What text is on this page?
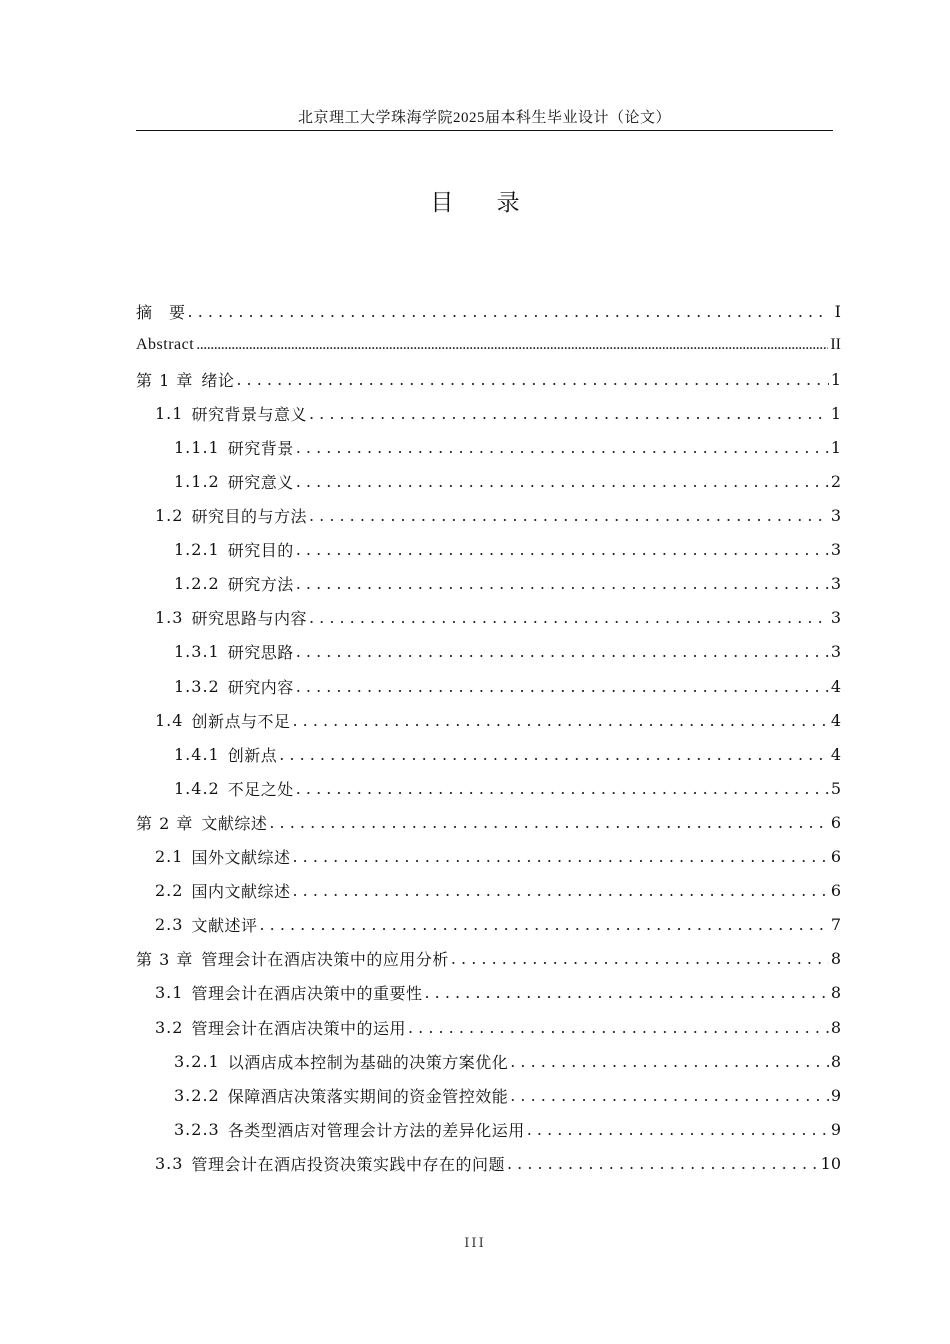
北京理工大学珠海学院2025届本科生毕业设计（论文）
目 录
摘　要 . . .	I
Abstract .....	II
第 1 章 绪论 . . .	1
1.1 研究背景与意义 . . .	1
1.1.1 研究背景 . . .	1
1.1.2 研究意义 . . .	2
1.2 研究目的与方法 . . .	3
1.2.1 研究目的 . . .	3
1.2.2 研究方法 . . .	3
1.3 研究思路与内容 . . .	3
1.3.1 研究思路 . . .	3
1.3.2 研究内容 . . .	4
1.4 创新点与不足 . . .	4
1.4.1 创新点 . . .	4
1.4.2 不足之处 . . .	5
第 2 章 文献综述 . . .	6
2.1 国外文献综述 . . .	6
2.2 国内文献综述 . . .	6
2.3 文献述评 . . .	7
第 3 章 管理会计在酒店决策中的应用分析 . . .	8
3.1 管理会计在酒店决策中的重要性 . . .	8
3.2 管理会计在酒店决策中的运用 . . .	8
3.2.1 以酒店成本控制为基础的决策方案优化 . . .	8
3.2.2 保障酒店决策落实期间的资金管控效能 . . .	9
3.2.3 各类型酒店对管理会计方法的差异化运用 . . .	9
3.3 管理会计在酒店投资决策实践中存在的问题 . . .	10
III
